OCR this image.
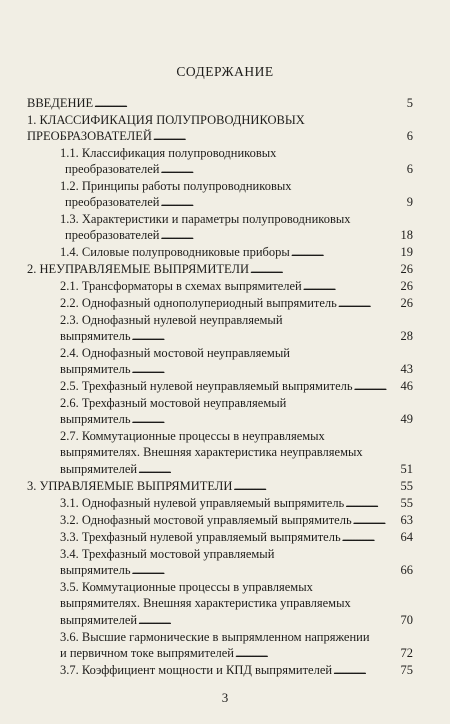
СОДЕРЖАНИЕ
ВВЕДЕНИЕ . . .	5
1. КЛАССИФИКАЦИЯ ПОЛУПРОВОДНИКОВЫХ
ПРЕОБРАЗОВАТЕЛЕЙ . . .	6
1.1. Классификация полупроводниковых
преобразователей . . .	6
1.2. Принципы работы полупроводниковых
преобразователей . . .	9
1.3. Характеристики и параметры полупроводниковых
преобразователей . . .	18
1.4. Силовые полупроводниковые приборы . . .	19
2. НЕУПРАВЛЯЕМЫЕ ВЫПРЯМИТЕЛИ . . .	26
2.1. Трансформаторы в схемах выпрямителей . . .	26
2.2. Однофазный однополупериодный выпрямитель . . .	26
2.3. Однофазный нулевой неуправляемый
выпрямитель . . .	28
2.4. Однофазный мостовой неуправляемый
выпрямитель . . .	43
2.5. Трехфазный нулевой неуправляемый выпрямитель . . .	46
2.6. Трехфазный мостовой неуправляемый
выпрямитель . . .	49
2.7. Коммутационные процессы в неуправляемых
выпрямителях. Внешняя характеристика неуправляемых
выпрямителей . . .	51
3. УПРАВЛЯЕМЫЕ ВЫПРЯМИТЕЛИ . . .	55
3.1. Однофазный нулевой управляемый выпрямитель . . .	55
3.2. Однофазный мостовой управляемый выпрямитель . . .	63
3.3. Трехфазный нулевой управляемый выпрямитель . . .	64
3.4. Трехфазный мостовой управляемый
выпрямитель . . .	66
3.5. Коммутационные процессы в управляемых
выпрямителях. Внешняя характеристика управляемых
выпрямителей . . .	70
3.6. Высшие гармонические в выпрямленном напряжении
и первичном токе выпрямителей . . .	72
3.7. Коэффициент мощности и КПД выпрямителей . . .	75
3
